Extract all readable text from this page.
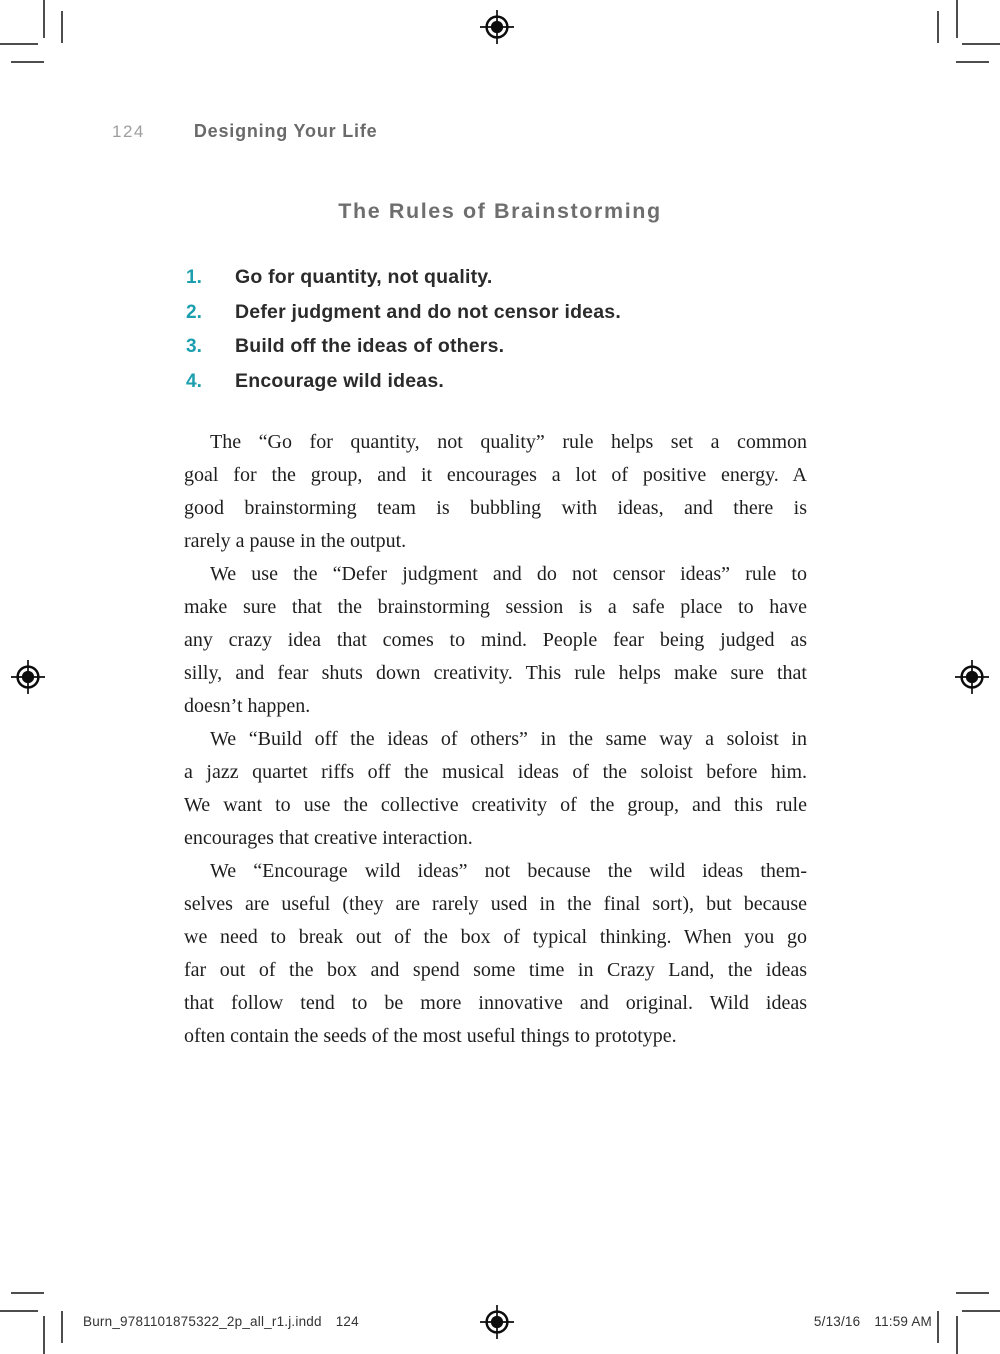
124	Designing Your Life
The Rules of Brainstorming
1. Go for quantity, not quality.
2. Defer judgment and do not censor ideas.
3. Build off the ideas of others.
4. Encourage wild ideas.

The “Go for quantity, not quality” rule helps set a common
goal for the group, and it encourages a lot of positive energy. A
good brainstorming team is bubbling with ideas, and there is
rarely a pause in the output.

We use the “Defer judgment and do not censor ideas” rule to
make sure that the brainstorming session is a safe place to have
any crazy idea that comes to mind. People fear being judged as
silly, and fear shuts down creativity. This rule helps make sure that
doesn’t happen.

We “Build off the ideas of others” in the same way a soloist in
a jazz quartet riffs off the musical ideas of the soloist before him.
We want to use the collective creativity of the group, and this rule
encourages that creative interaction.

We “Encourage wild ideas” not because the wild ideas them-
selves are useful (they are rarely used in the final sort), but because
we need to break out of the box of typical thinking. When you go
far out of the box and spend some time in Crazy Land, the ideas
that follow tend to be more innovative and original. Wild ideas
often contain the seeds of the most useful things to prototype.

Burn_9781101875322_2p_all_r1.j.indd 124	5/13/16 11:59 AM
